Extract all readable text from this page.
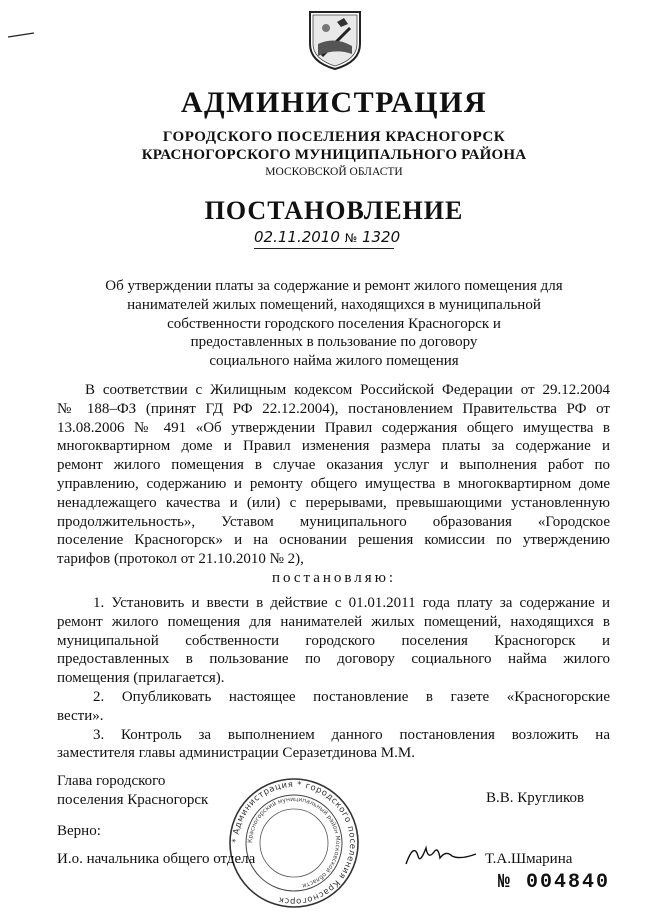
АДМИНИСТРАЦИЯ
ГОРОДСКОГО ПОСЕЛЕНИЯ КРАСНОГОРСК
КРАСНОГОРСКОГО МУНИЦИПАЛЬНОГО РАЙОНА
МОСКОВСКОЙ ОБЛАСТИ
ПОСТАНОВЛЕНИЕ
02.11.2010 № 1320
Об утверждении платы за содержание и ремонт жилого помещения для
нанимателей жилых помещений, находящихся в муниципальной
собственности городского поселения Красногорск и
предоставленных в пользование по договору
социального найма жилого помещения
В соответствии с Жилищным кодексом Российской Федерации от 29.12.2004
№ 188–ФЗ (принят ГД РФ 22.12.2004), постановлением Правительства РФ от
13.08.2006 № 491 «Об утверждении Правил содержания общего имущества в
многоквартирном доме и Правил изменения размера платы за содержание и
ремонт жилого помещения в случае оказания услуг и выполнения работ по
управлению, содержанию и ремонту общего имущества в многоквартирном доме
ненадлежащего качества и (или) с перерывами, превышающими установленную
продолжительность», Уставом муниципального образования «Городское
поселение Красногорск» и на основании решения комиссии по утверждению
тарифов (протокол от 21.10.2010 № 2),
постановляю:
1. Установить и ввести в действие с 01.01.2011 года плату за содержание и
ремонт жилого помещения для нанимателей жилых помещений, находящихся в
муниципальной собственности городского поселения Красногорск и
предоставленных в пользование по договору социального найма жилого
помещения (прилагается).
2. Опубликовать настоящее постановление в газете «Красногорские
вести».
3. Контроль за выполнением данного постановления возложить на
заместителя главы администрации Серазетдинова М.М.
* Администрация * городского поселения Красногорск
Красногорский муниципальный район Московской области
Глава городского
поселения Красногорск	В.В. Кругликов
Верно:
И.о. начальника общего отдела	Т.А.Шмарина
№ 004840
